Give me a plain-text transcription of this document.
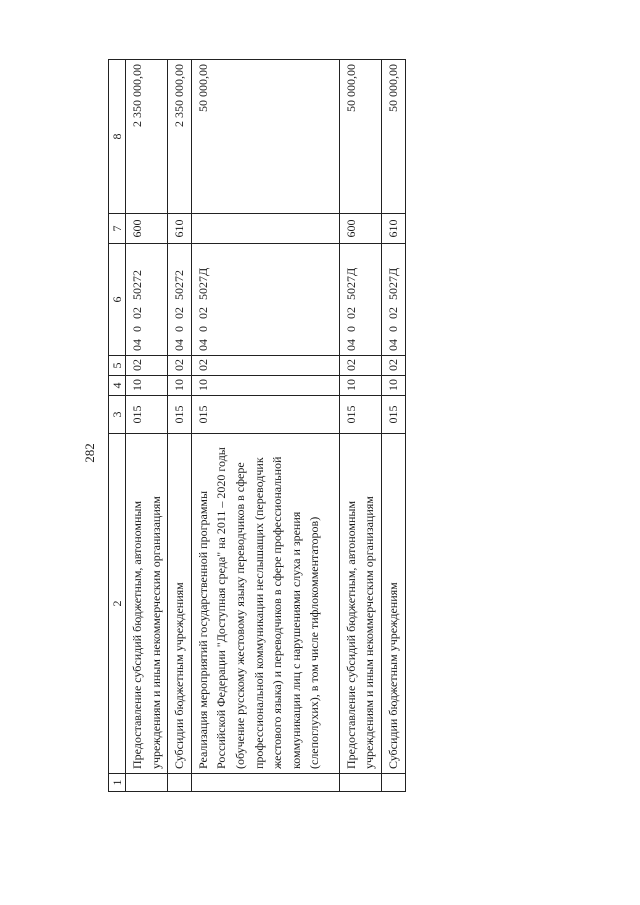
282
1	2	3	4	5	6	7	8
	Предоставление субсидий бюджетным, автономным учреждениям и иным некоммерческим организациям	015	10	02	04 0 02 50272	600	2 350 000,00
	Субсидии бюджетным учреждениям	015	10	02	04 0 02 50272	610	2 350 000,00
	Реализация мероприятий государственной программы Российской Федерации "Доступная среда" на 2011 – 2020 годы (обучение русскому жестовому языку переводчиков в сфере профессиональной коммуникации неслышащих (переводчик жестового языка) и переводчиков в сфере профессиональной коммуникации лиц с нарушениями слуха и зрения (слепоглухих), в том числе тифлокомментаторов)	015	10	02	04 0 02 5027Д		50 000,00
	Предоставление субсидий бюджетным, автономным учреждениям и иным некоммерческим организациям	015	10	02	04 0 02 5027Д	600	50 000,00
	Субсидии бюджетным учреждениям	015	10	02	04 0 02 5027Д	610	50 000,00
